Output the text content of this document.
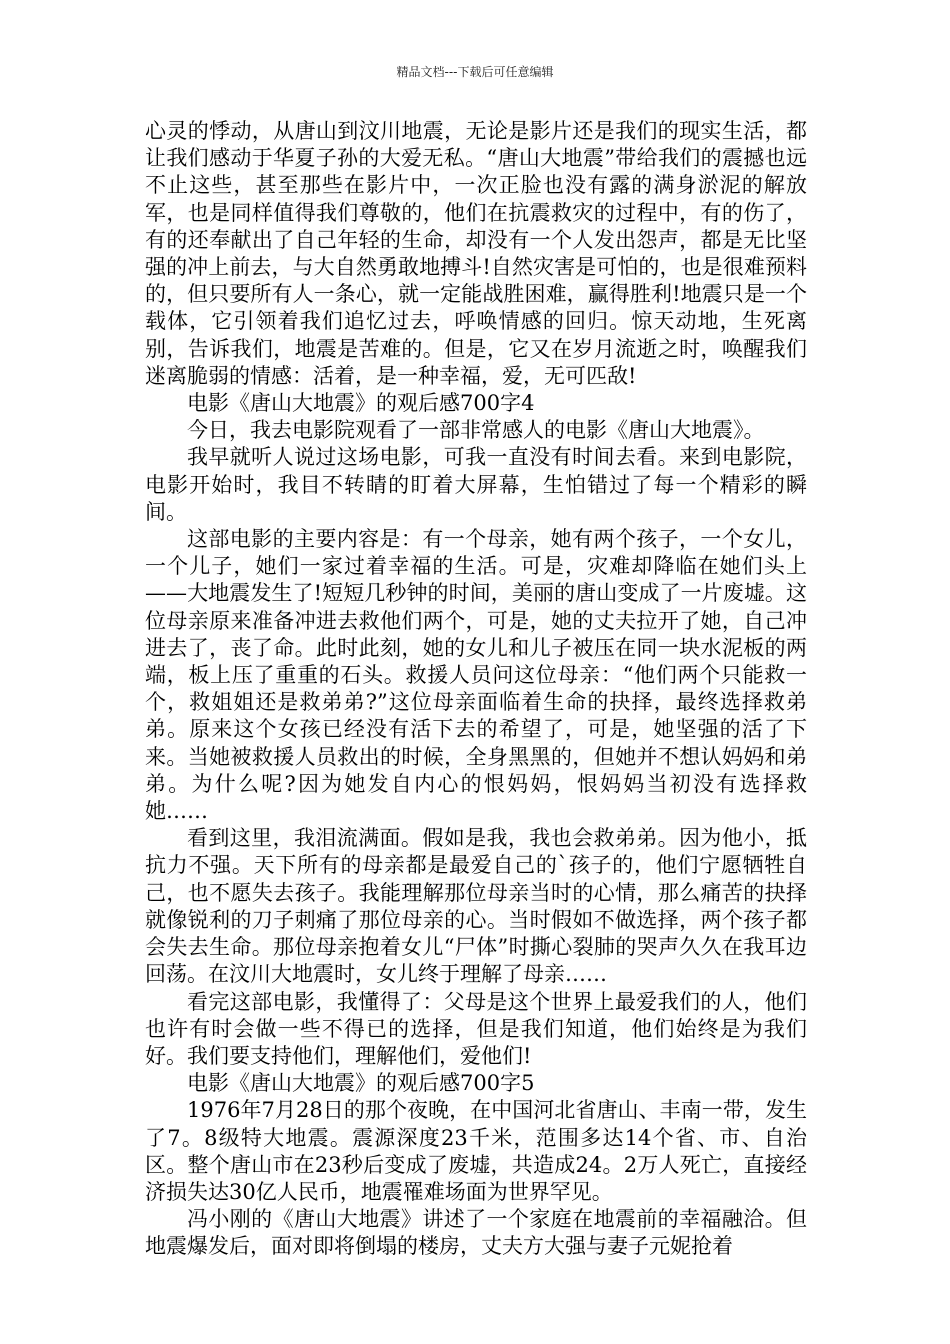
精品文档---下载后可任意编辑

心灵的悸动，从唐山到汶川地震，无论是影片还是我们的现实生活，都让我们感动于华夏子孙的大爱无私。“唐山大地震”带给我们的震撼也远不止这些，甚至那些在影片中，一次正脸也没有露的满身淤泥的解放军，也是同样值得我们尊敬的，他们在抗震救灾的过程中，有的伤了，有的还奉献出了自己年轻的生命，却没有一个人发出怨声，都是无比坚强的冲上前去，与大自然勇敢地搏斗!自然灾害是可怕的，也是很难预料的，但只要所有人一条心，就一定能战胜困难，赢得胜利!地震只是一个载体，它引领着我们追忆过去，呼唤情感的回归。惊天动地，生死离别，告诉我们，地震是苦难的。但是，它又在岁月流逝之时，唤醒我们迷离脆弱的情感：活着，是一种幸福，爱，无可匹敌!

电影《唐山大地震》的观后感700字4

今日，我去电影院观看了一部非常感人的电影《唐山大地震》。

我早就听人说过这场电影，可我一直没有时间去看。来到电影院，电影开始时，我目不转睛的盯着大屏幕，生怕错过了每一个精彩的瞬间。

这部电影的主要内容是：有一个母亲，她有两个孩子，一个女儿，一个儿子，她们一家过着幸福的生活。可是，灾难却降临在她们头上——大地震发生了!短短几秒钟的时间，美丽的唐山变成了一片废墟。这位母亲原来准备冲进去救他们两个，可是，她的丈夫拉开了她，自己冲进去了，丧了命。此时此刻，她的女儿和儿子被压在同一块水泥板的两端，板上压了重重的石头。救援人员问这位母亲：“他们两个只能救一个，救姐姐还是救弟弟?”这位母亲面临着生命的抉择，最终选择救弟弟。原来这个女孩已经没有活下去的希望了，可是，她坚强的活了下来。当她被救援人员救出的时候，全身黑黑的，但她并不想认妈妈和弟弟。为什么呢?因为她发自内心的恨妈妈，恨妈妈当初没有选择救她……

看到这里，我泪流满面。假如是我，我也会救弟弟。因为他小，抵抗力不强。天下所有的母亲都是最爱自己的`孩子的，他们宁愿牺牲自己，也不愿失去孩子。我能理解那位母亲当时的心情，那么痛苦的抉择就像锐利的刀子刺痛了那位母亲的心。当时假如不做选择，两个孩子都会失去生命。那位母亲抱着女儿“尸体”时撕心裂肺的哭声久久在我耳边回荡。在汶川大地震时，女儿终于理解了母亲……

看完这部电影，我懂得了：父母是这个世界上最爱我们的人，他们也许有时会做一些不得已的选择，但是我们知道，他们始终是为我们好。我们要支持他们，理解他们，爱他们!

电影《唐山大地震》的观后感700字5

1976年7月28日的那个夜晚，在中国河北省唐山、丰南一带，发生了7。8级特大地震。震源深度23千米，范围多达14个省、市、自治区。整个唐山市在23秒后变成了废墟，共造成24。2万人死亡，直接经济损失达30亿人民币，地震罹难场面为世界罕见。

冯小刚的《唐山大地震》讲述了一个家庭在地震前的幸福融洽。但地震爆发后，面对即将倒塌的楼房，丈夫方大强与妻子元妮抢着
